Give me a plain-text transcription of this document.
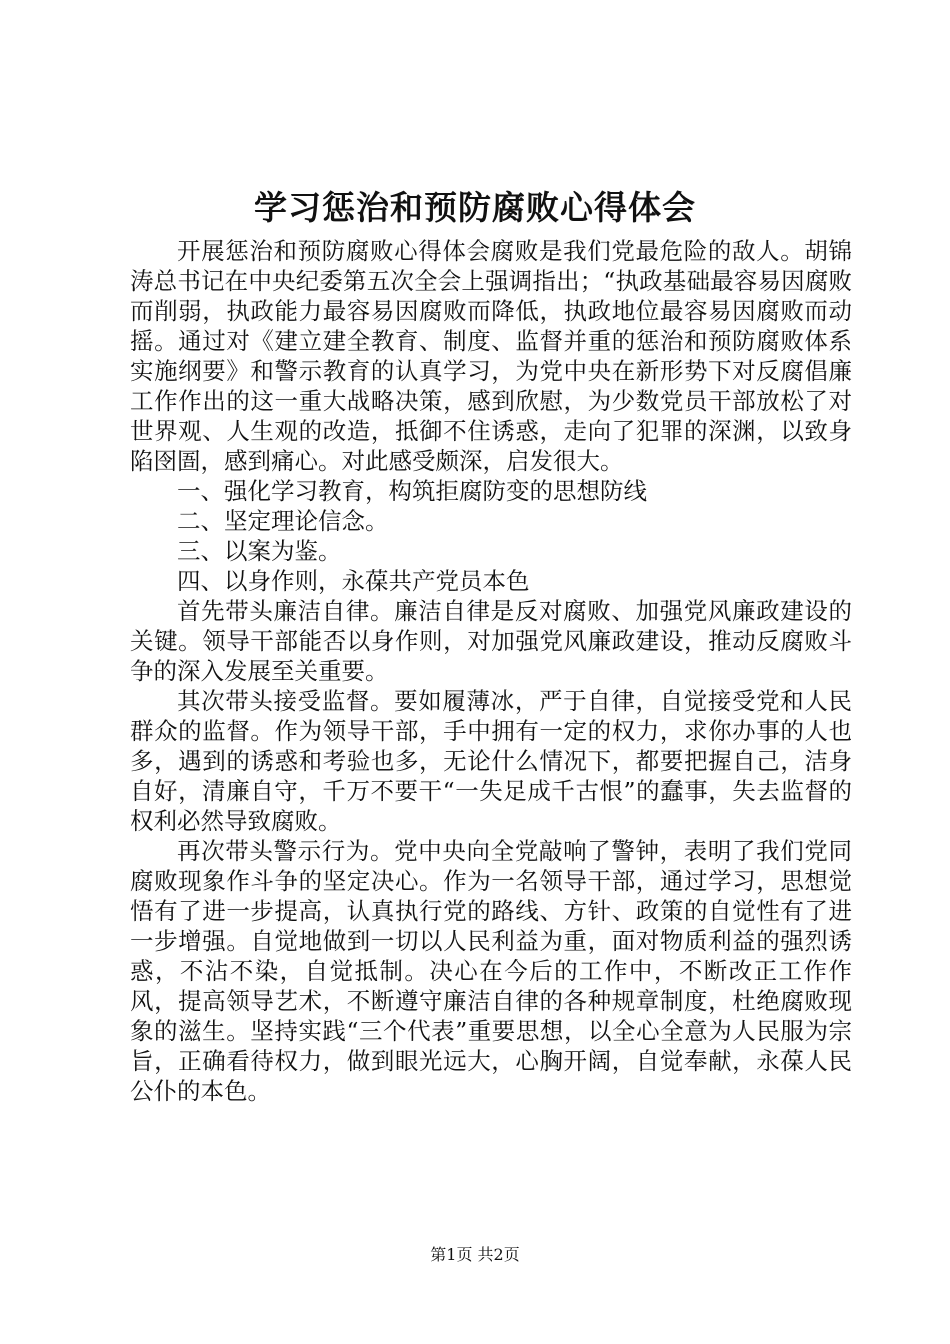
学习惩治和预防腐败心得体会

开展惩治和预防腐败心得体会腐败是我们党最危险的敌人。胡锦涛总书记在中央纪委第五次全会上强调指出；“执政基础最容易因腐败而削弱，执政能力最容易因腐败而降低，执政地位最容易因腐败而动摇。通过对《建立建全教育、制度、监督并重的惩治和预防腐败体系实施纲要》和警示教育的认真学习，为党中央在新形势下对反腐倡廉工作作出的这一重大战略决策，感到欣慰，为少数党员干部放松了对世界观、人生观的改造，抵御不住诱惑，走向了犯罪的深渊，以致身陷囹圄，感到痛心。对此感受颇深，启发很大。

一、强化学习教育，构筑拒腐防变的思想防线

二、坚定理论信念。

三、以案为鉴。

四、以身作则，永葆共产党员本色

首先带头廉洁自律。廉洁自律是反对腐败、加强党风廉政建设的关键。领导干部能否以身作则，对加强党风廉政建设，推动反腐败斗争的深入发展至关重要。

其次带头接受监督。要如履薄冰，严于自律，自觉接受党和人民群众的监督。作为领导干部，手中拥有一定的权力，求你办事的人也多，遇到的诱惑和考验也多，无论什么情况下，都要把握自己，洁身自好，清廉自守，千万不要干“一失足成千古恨”的蠢事，失去监督的权利必然导致腐败。

再次带头警示行为。党中央向全党敲响了警钟，表明了我们党同腐败现象作斗争的坚定决心。作为一名领导干部，通过学习，思想觉悟有了进一步提高，认真执行党的路线、方针、政策的自觉性有了进一步增强。自觉地做到一切以人民利益为重，面对物质利益的强烈诱惑，不沾不染，自觉抵制。决心在今后的工作中，不断改正工作作风，提高领导艺术，不断遵守廉洁自律的各种规章制度，杜绝腐败现象的滋生。坚持实践“三个代表”重要思想，以全心全意为人民服为宗旨，正确看待权力，做到眼光远大，心胸开阔，自觉奉献，永葆人民公仆的本色。

第1页 共2页
